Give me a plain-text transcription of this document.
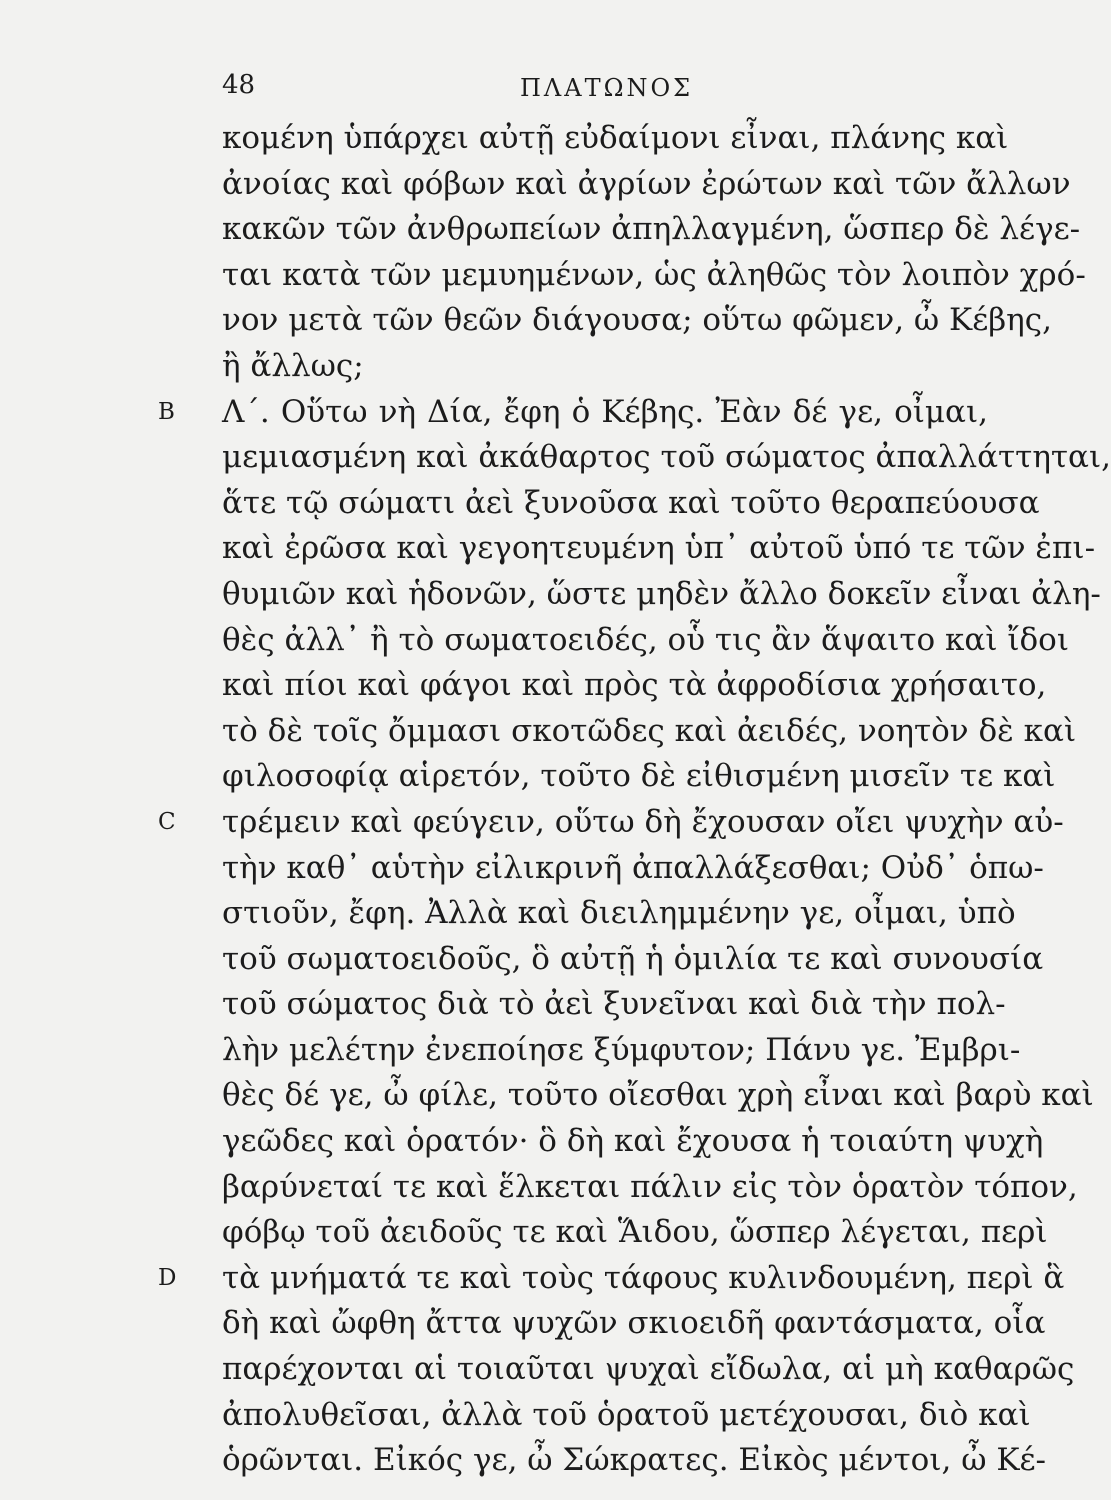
48	ΠΛΑΤΩΝΟΣ
κομένη ὑπάρχει αὐτῇ εὐδαίμονι εἶναι, πλάνης καὶ
ἀνοίας καὶ φόβων καὶ ἀγρίων ἐρώτων καὶ τῶν ἄλλων
κακῶν τῶν ἀνθρωπείων ἀπηλλαγμένη, ὥσπερ δὲ λέγε-
ται κατὰ τῶν μεμυημένων, ὡς ἀληθῶς τὸν λοιπὸν χρό-
νον μετὰ τῶν θεῶν διάγουσα; οὕτω φῶμεν, ὦ Κέβης,
ἢ ἄλλως;
B Λ΄. Οὕτω νὴ Δία, ἔφη ὁ Κέβης. Ἐὰν δέ γε, οἶμαι,
μεμιασμένη καὶ ἀκάθαρτος τοῦ σώματος ἀπαλλάττηται,
ἅτε τῷ σώματι ἀεὶ ξυνοῦσα καὶ τοῦτο θεραπεύουσα
καὶ ἐρῶσα καὶ γεγοητευμένη ὑπ᾿ αὐτοῦ ὑπό τε τῶν ἐπι-
θυμιῶν καὶ ἡδονῶν, ὥστε μηδὲν ἄλλο δοκεῖν εἶναι ἀλη-
θὲς ἀλλ᾿ ἢ τὸ σωματοειδές, οὗ τις ἂν ἅψαιτο καὶ ἴδοι
καὶ πίοι καὶ φάγοι καὶ πρὸς τὰ ἀφροδίσια χρήσαιτο,
τὸ δὲ τοῖς ὄμμασι σκοτῶδες καὶ ἀειδές, νοητὸν δὲ καὶ
φιλοσοφίᾳ αἱρετόν, τοῦτο δὲ εἰθισμένη μισεῖν τε καὶ
C τρέμειν καὶ φεύγειν, οὕτω δὴ ἔχουσαν οἴει ψυχὴν αὐ-
τὴν καθ᾿ αὑτὴν εἰλικρινῆ ἀπαλλάξεσθαι; Οὐδ᾿ ὁπω-
στιοῦν, ἔφη. Ἀλλὰ καὶ διειλημμένην γε, οἶμαι, ὑπὸ
τοῦ σωματοειδοῦς, ὃ αὐτῇ ἡ ὁμιλία τε καὶ συνουσία
τοῦ σώματος διὰ τὸ ἀεὶ ξυνεῖναι καὶ διὰ τὴν πολ-
λὴν μελέτην ἐνεποίησε ξύμφυτον; Πάνυ γε. Ἐμβρι-
θὲς δέ γε, ὦ φίλε, τοῦτο οἴεσθαι χρὴ εἶναι καὶ βαρὺ καὶ
γεῶδες καὶ ὁρατόν· ὃ δὴ καὶ ἔχουσα ἡ τοιαύτη ψυχὴ
βαρύνεταί τε καὶ ἕλκεται πάλιν εἰς τὸν ὁρατὸν τόπον,
φόβῳ τοῦ ἀειδοῦς τε καὶ Ἅιδου, ὥσπερ λέγεται, περὶ
D τὰ μνήματά τε καὶ τοὺς τάφους κυλινδουμένη, περὶ ἃ
δὴ καὶ ὤφθη ἄττα ψυχῶν σκιοειδῆ φαντάσματα, οἷα
παρέχονται αἱ τοιαῦται ψυχαὶ εἴδωλα, αἱ μὴ καθαρῶς
ἀπολυθεῖσαι, ἀλλὰ τοῦ ὁρατοῦ μετέχουσαι, διὸ καὶ
ὁρῶνται. Εἰκός γε, ὦ Σώκρατες. Εἰκὸς μέντοι, ὦ Κέ-
